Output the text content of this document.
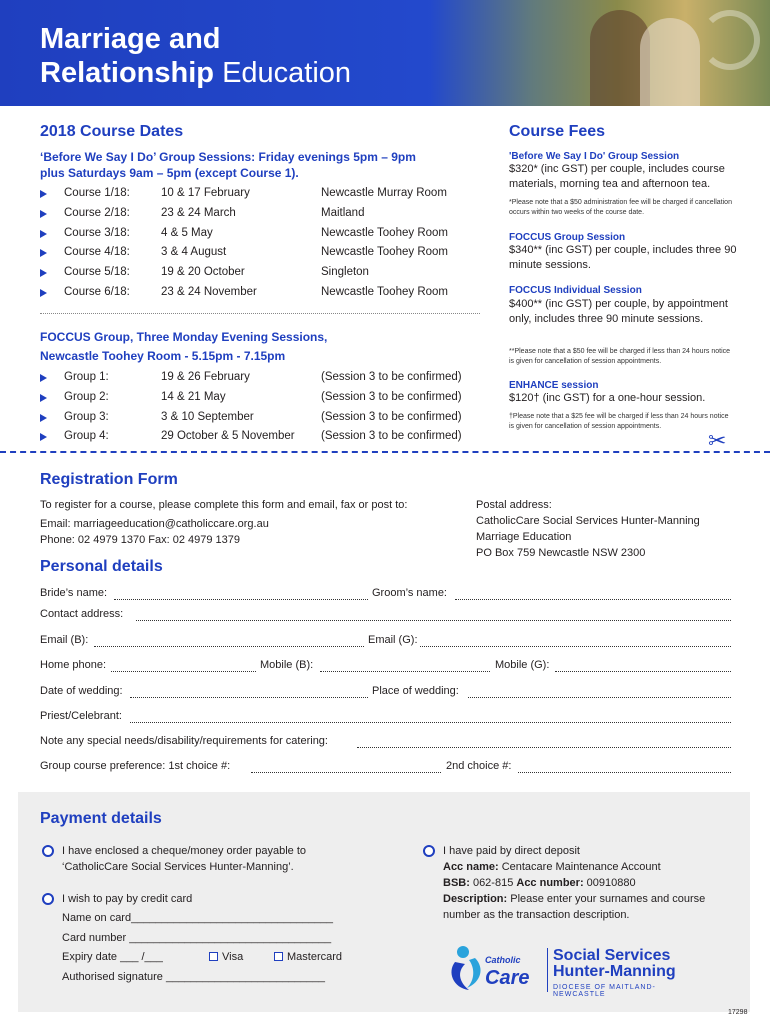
Marriage and
Relationship Education
2018 Course Dates
‘Before We Say I Do’ Group Sessions: Friday evenings 5pm – 9pm
plus Saturdays 9am – 5pm (except Course 1).
Course 1/18:	10 & 17 February	Newcastle Murray Room
Course 2/18:	23 & 24 March	Maitland
Course 3/18:	4 & 5 May	Newcastle Toohey Room
Course 4/18:	3 & 4 August	Newcastle Toohey Room
Course 5/18:	19 & 20 October	Singleton
Course 6/18:	23 & 24 November	Newcastle Toohey Room
FOCCUS Group, Three Monday Evening Sessions,
Newcastle Toohey Room - 5.15pm - 7.15pm
Group 1:	19 & 26 February	(Session 3 to be confirmed)
Group 2:	14 & 21 May	(Session 3 to be confirmed)
Group 3:	3 & 10 September	(Session 3 to be confirmed)
Group 4:	29 October & 5 November (Session 3 to be confirmed)
Course Fees
'Before We Say I Do' Group Session
$320* (inc GST) per couple, includes course materials, morning tea and afternoon tea.
*Please note that a $50 administration fee will be charged if cancellation occurs within two weeks of the course date.
FOCCUS Group Session
$340** (inc GST) per couple, includes three 90 minute sessions.
FOCCUS Individual Session
$400** (inc GST) per couple, by appointment only, includes three 90 minute sessions.
**Please note that a $50 fee will be charged if less than 24 hours notice is given for cancellation of session appointments.
ENHANCE session
$120† (inc GST) for a one-hour session.
†Please note that a $25 fee will be charged if less than 24 hours notice is given for cancellation of session appointments.
✂
Registration Form
To register for a course, please complete this form and email, fax or post to:
Email: marriageeducation@catholiccare.org.au
Phone: 02 4979 1370 Fax: 02 4979 1379
Postal address:
CatholicCare Social Services Hunter-Manning
Marriage Education
PO Box 759 Newcastle NSW 2300
Personal details
Bride’s name:	Groom’s name:
Contact address:
Email (B):	Email (G):
Home phone:	Mobile (B):	Mobile (G):
Date of wedding:	Place of wedding:
Priest/Celebrant:
Note any special needs/disability/requirements for catering:
Group course preference: 1st choice #:	2nd choice #:
Payment details
I have enclosed a cheque/money order payable to
‘CatholicCare Social Services Hunter-Manning’.
I wish to pay by credit card
Name on card_________________________________
Card number _________________________________
Expiry date ___ /___	Visa	Mastercard
Authorised signature __________________________
I have paid by direct deposit
Acc name: Centacare Maintenance Account
BSB: 062-815 Acc number: 00910880
Description: Please enter your surnames and course number as the transaction description.
Catholic
Care
Social Services
Hunter-Manning
DIOCESE OF MAITLAND-NEWCASTLE
17298
